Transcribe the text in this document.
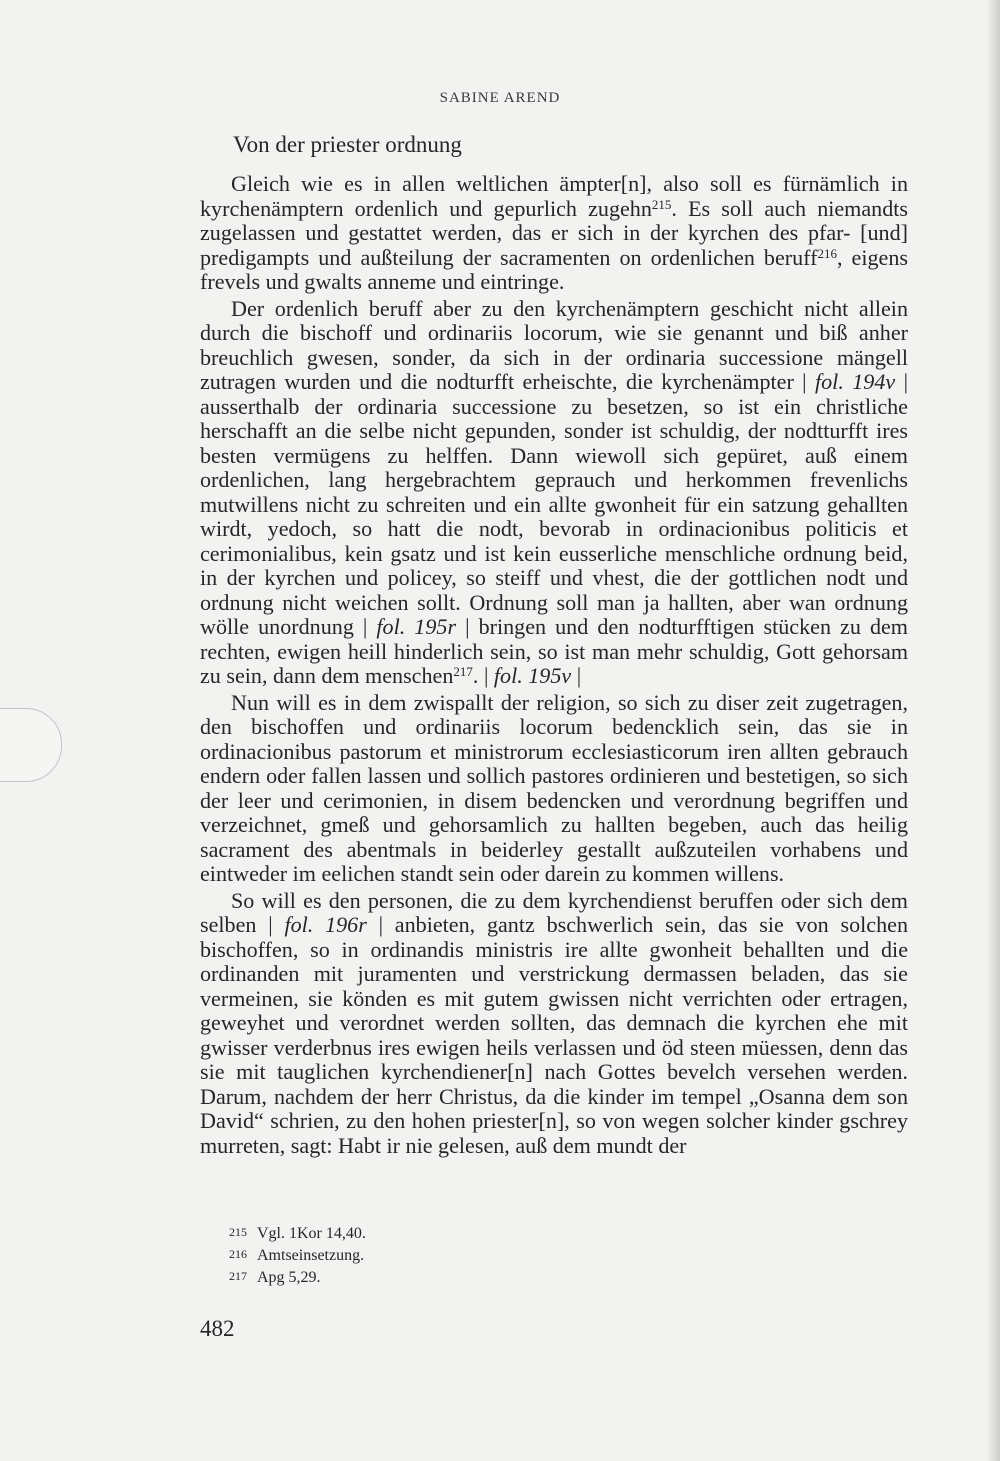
SABINE AREND
Von der priester ordnung

Gleich wie es in allen weltlichen ämpter[n], also soll es fürnämlich in kyrchenämptern ordenlich und gepurlich zugehn$^{215}$. Es soll auch niemandts zugelassen und gestattet werden, das er sich in der kyrchen des pfar- [und] predigampts und außteilung der sacramenten on ordenlichen beruff$^{216}$, eigens frevels und gwalts anneme und eintringe.

Der ordenlich beruff aber zu den kyrchenämptern geschicht nicht allein durch die bischoff und ordinariis locorum, wie sie genannt und biß anher breuchlich gwesen, sonder, da sich in der ordinaria successione mängell zutragen wurden und die nodturfft erheischte, die kyrchenämpter | fol. 194v | ausserthalb der ordinaria successione zu besetzen, so ist ein christliche herschafft an die selbe nicht gepunden, sonder ist schuldig, der nodtturfft ires besten vermügens zu helffen. Dann wiewoll sich gepüret, auß einem ordenlichen, lang hergebrachtem geprauch und herkommen frevenlichs mutwillens nicht zu schreiten und ein allte gwonheit für ein satzung gehallten wirdt, yedoch, so hatt die nodt, bevorab in ordinacionibus politicis et cerimonialibus, kein gsatz und ist kein eusserliche menschliche ordnung beid, in der kyrchen und policey, so steiff und vhest, die der gottlichen nodt und ordnung nicht weichen sollt. Ordnung soll man ja hallten, aber wan ordnung wölle unordnung | fol. 195r | bringen und den nodturfftigen stücken zu dem rechten, ewigen heill hinderlich sein, so ist man mehr schuldig, Gott gehorsam zu sein, dann dem menschen$^{217}$. | fol. 195v |

Nun will es in dem zwispallt der religion, so sich zu diser zeit zugetragen, den bischoffen und ordinariis locorum bedencklich sein, das sie in ordinacionibus pastorum et ministrorum ecclesiasticorum iren allten gebrauch endern oder fallen lassen und sollich pastores ordinieren und bestetigen, so sich der leer und cerimonien, in disem bedencken und verordnung begriffen und verzeichnet, gmeß und gehorsamlich zu hallten begeben, auch das heilig sacrament des abentmals in beiderley gestallt außzuteilen vorhabens und eintweder im eelichen standt sein oder darein zu kommen willens.

So will es den personen, die zu dem kyrchendienst beruffen oder sich dem selben | fol. 196r | anbieten, gantz bschwerlich sein, das sie von solchen bischoffen, so in ordinandis ministris ire allte gwonheit behallten und die ordinanden mit juramenten und verstrickung dermassen beladen, das sie vermeinen, sie könden es mit gutem gwissen nicht verrichten oder ertragen, geweyhet und verordnet werden sollten, das demnach die kyrchen ehe mit gwisser verderbnus ires ewigen heils verlassen und öd steen müessen, denn das sie mit tauglichen kyrchendiener[n] nach Gottes bevelch versehen werden. Darum, nachdem der herr Christus, da die kinder im tempel „Osanna dem son David“ schrien, zu den hohen priester[n], so von wegen solcher kinder gschrey murreten, sagt: Habt ir nie gelesen, auß dem mundt der

215 Vgl. 1Kor 14,40.
216 Amtseinsetzung.
217 Apg 5,29.
482
